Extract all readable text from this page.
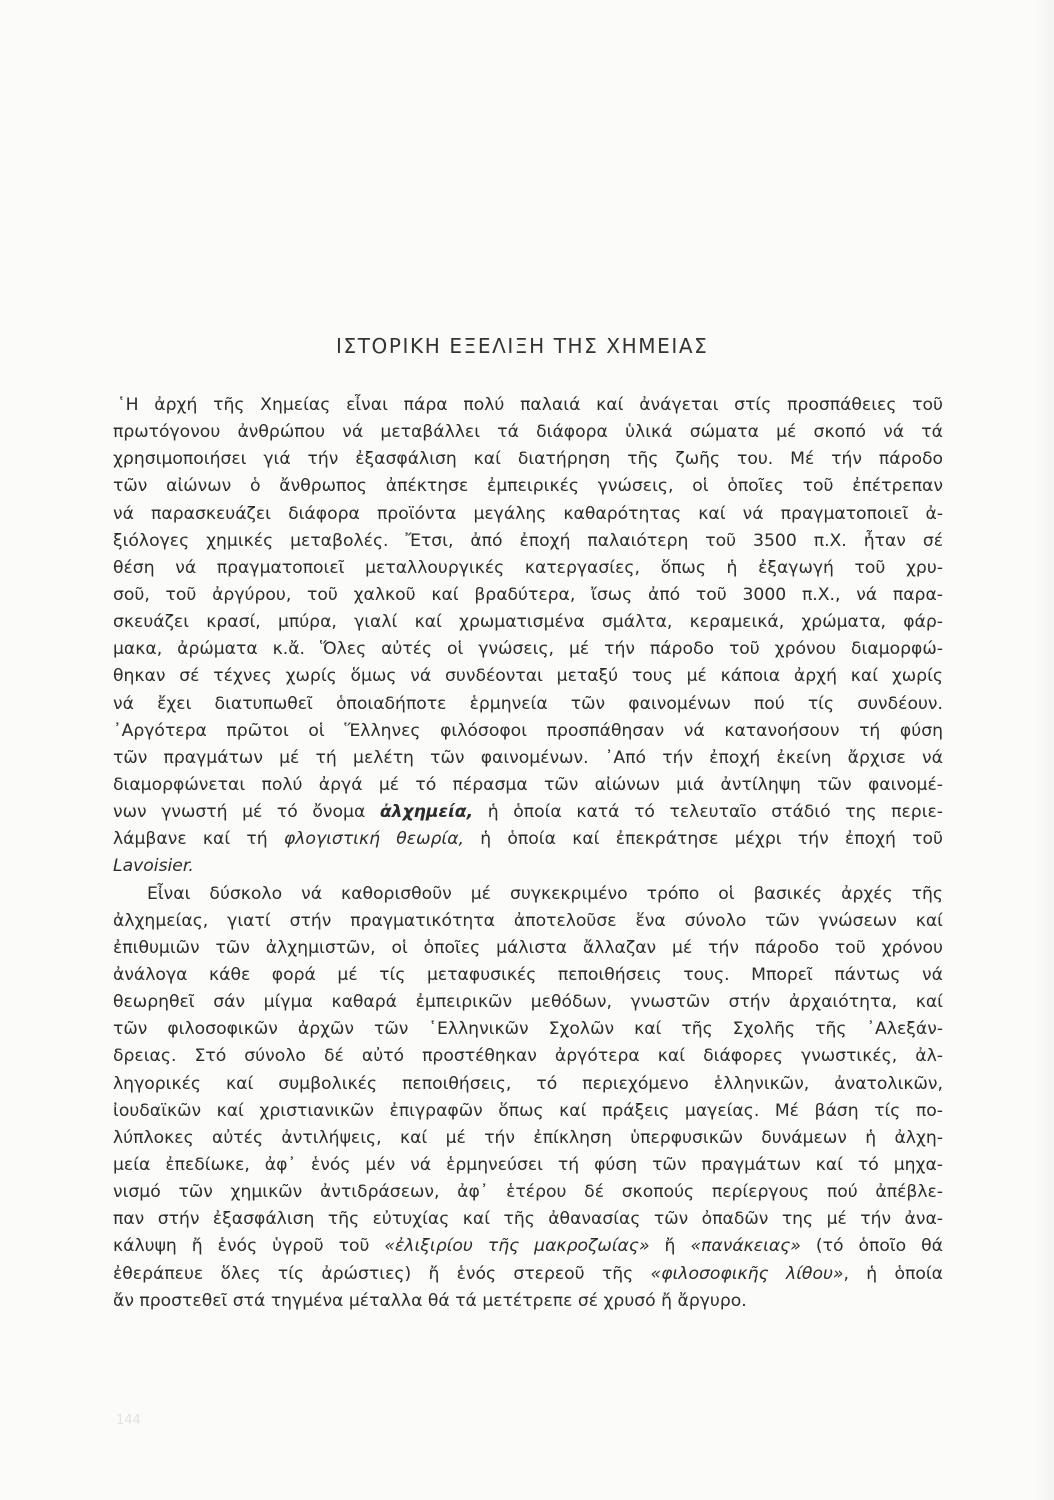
ΙΣΤΟΡΙΚΗ ΕΞΕΛΙΞΗ ΤΗΣ ΧΗΜΕΙΑΣ
῾Η ἀρχή τῆς Χημείας εἶναι πάρα πολύ παλαιά καί ἀνάγεται στίς προσπάθειες τοῦ
πρωτόγονου ἀνθρώπου νά μεταβάλλει τά διάφορα ὑλικά σώματα μέ σκοπό νά τά
χρησιμοποιήσει γιά τήν ἐξασφάλιση καί διατήρηση τῆς ζωῆς του. Μέ τήν πάροδο
τῶν αἰώνων ὁ ἄνθρωπος ἀπέκτησε ἐμπειρικές γνώσεις, οἱ ὁποῖες τοῦ ἐπέτρεπαν
νά παρασκευάζει διάφορα προϊόντα μεγάλης καθαρότητας καί νά πραγματοποιεῖ ἀ-
ξιόλογες χημικές μεταβολές. Ἔτσι, ἀπό ἐποχή παλαιότερη τοῦ 3500 π.Χ. ἦταν σέ
θέση νά πραγματοποιεῖ μεταλλουργικές κατεργασίες, ὅπως ἡ ἐξαγωγή τοῦ χρυ-
σοῦ, τοῦ ἀργύρου, τοῦ χαλκοῦ καί βραδύτερα, ἴσως ἀπό τοῦ 3000 π.Χ., νά παρα-
σκευάζει κρασί, μπύρα, γιαλί καί χρωματισμένα σμάλτα, κεραμεικά, χρώματα, φάρ-
μακα, ἀρώματα κ.ἄ. Ὅλες αὐτές οἱ γνώσεις, μέ τήν πάροδο τοῦ χρόνου διαμορφώ-
θηκαν σέ τέχνες χωρίς ὅμως νά συνδέονται μεταξύ τους μέ κάποια ἀρχή καί χωρίς
νά ἔχει διατυπωθεῖ ὁποιαδήποτε ἑρμηνεία τῶν φαινομένων πού τίς συνδέουν.
᾿Αργότερα πρῶτοι οἱ Ἕλληνες φιλόσοφοι προσπάθησαν νά κατανοήσουν τή φύση
τῶν πραγμάτων μέ τή μελέτη τῶν φαινομένων. ᾿Από τήν ἐποχή ἐκείνη ἄρχισε νά
διαμορφώνεται πολύ ἀργά μέ τό πέρασμα τῶν αἰώνων μιά ἀντίληψη τῶν φαινομέ-
νων γνωστή μέ τό ὄνομα ἀλχημεία, ἡ ὁποία κατά τό τελευταῖο στάδιό της περιε-
λάμβανε καί τή φλογιστική θεωρία, ἡ ὁποία καί ἐπεκράτησε μέχρι τήν ἐποχή τοῦ
Lavoisier.
Εἶναι δύσκολο νά καθορισθοῦν μέ συγκεκριμένο τρόπο οἱ βασικές ἀρχές τῆς
ἀλχημείας, γιατί στήν πραγματικότητα ἀποτελοῦσε ἕνα σύνολο τῶν γνώσεων καί
ἐπιθυμιῶν τῶν ἀλχημιστῶν, οἱ ὁποῖες μάλιστα ἄλλαζαν μέ τήν πάροδο τοῦ χρόνου
ἀνάλογα κάθε φορά μέ τίς μεταφυσικές πεποιθήσεις τους. Μπορεῖ πάντως νά
θεωρηθεῖ σάν μίγμα καθαρά ἐμπειρικῶν μεθόδων, γνωστῶν στήν ἀρχαιότητα, καί
τῶν φιλοσοφικῶν ἀρχῶν τῶν ῾Ελληνικῶν Σχολῶν καί τῆς Σχολῆς τῆς ᾿Αλεξάν-
δρειας. Στό σύνολο δέ αὐτό προστέθηκαν ἀργότερα καί διάφορες γνωστικές, ἀλ-
ληγορικές καί συμβολικές πεποιθήσεις, τό περιεχόμενο ἑλληνικῶν, ἀνατολικῶν,
ἰουδαϊκῶν καί χριστιανικῶν ἐπιγραφῶν ὅπως καί πράξεις μαγείας. Μέ βάση τίς πο-
λύπλοκες αὐτές ἀντιλήψεις, καί μέ τήν ἐπίκληση ὑπερφυσικῶν δυνάμεων ἡ ἀλχη-
μεία ἐπεδίωκε, ἀφ᾿ ἑνός μέν νά ἑρμηνεύσει τή φύση τῶν πραγμάτων καί τό μηχα-
νισμό τῶν χημικῶν ἀντιδράσεων, ἀφ᾿ ἑτέρου δέ σκοπούς περίεργους πού ἀπέβλε-
παν στήν ἐξασφάλιση τῆς εὐτυχίας καί τῆς ἀθανασίας τῶν ὀπαδῶν της μέ τήν ἀνα-
κάλυψη ἤ ἑνός ὑγροῦ τοῦ «ἐλιξιρίου τῆς μακροζωίας» ἤ «πανάκειας» (τό ὁποῖο θά
ἐθεράπευε ὅλες τίς ἀρώστιες) ἤ ἑνός στερεοῦ τῆς «φιλοσοφικῆς λίθου», ἡ ὁποία
ἄν προστεθεῖ στά τηγμένα μέταλλα θά τά μετέτρεπε σέ χρυσό ἤ ἄργυρο.
144
